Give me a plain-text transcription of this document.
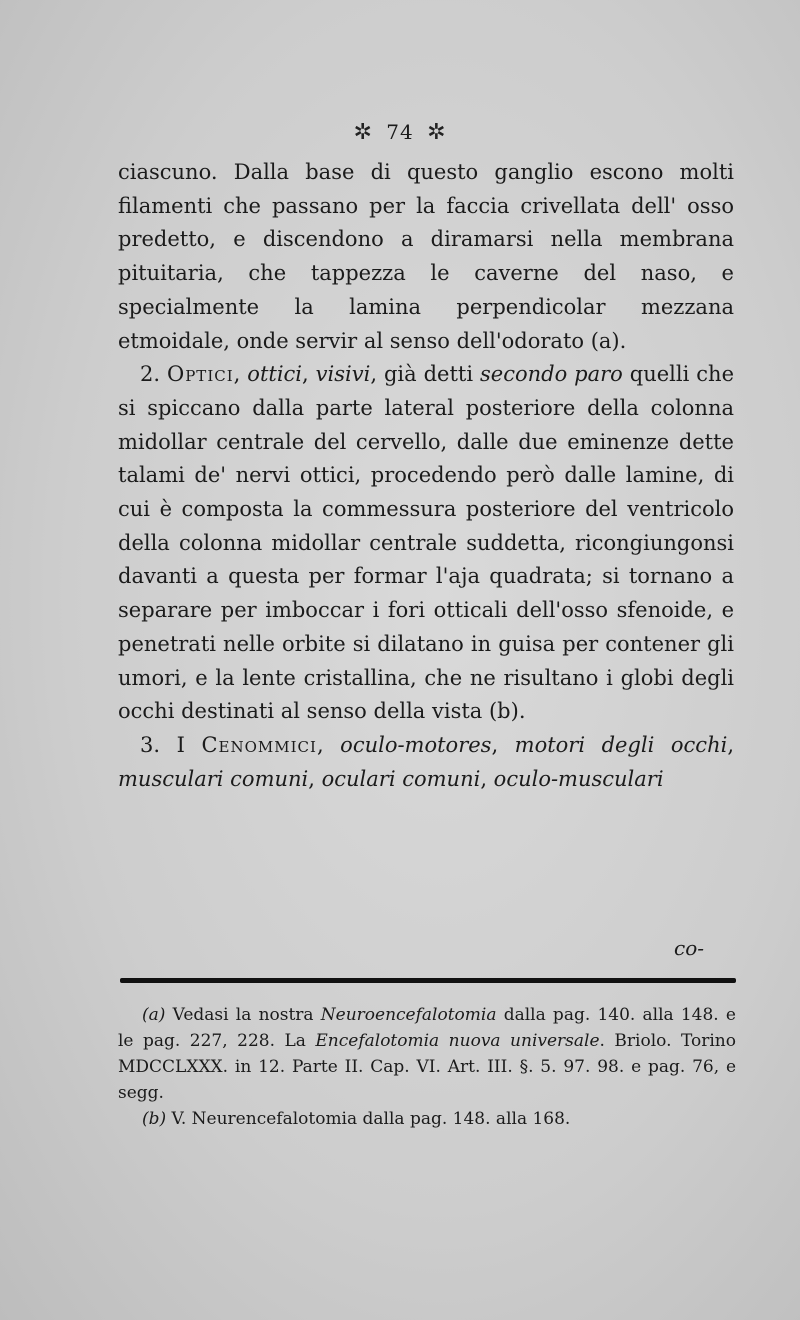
✲ 74 ✲

ciascuno. Dalla base di questo ganglio escono molti filamenti che passano per la faccia crivellata dell' osso predetto, e discendono a diramarsi nella membrana pituitaria, che tappezza le caverne del naso, e specialmente la lamina perpendicolar mezzana etmoidale, onde servir al senso dell'odorato (a).

2. Optici, ottici, visivi, già detti secondo paro quelli che si spiccano dalla parte lateral posteriore della colonna midollar centrale del cervello, dalle due eminenze dette talami de' nervi ottici, procedendo però dalle lamine, di cui è composta la commessura posteriore del ventricolo della colonna midollar centrale suddetta, ricongiungonsi davanti a questa per formar l'aja quadrata; si tornano a separare per imboccar i fori otticali dell'osso sfenoide, e penetrati nelle orbite si dilatano in guisa per contener gli umori, e la lente cristallina, che ne risultano i globi degli occhi destinati al senso della vista (b).

3. I Cenommici, oculo-motores, motori degli occhi, musculari comuni, oculari comuni, oculo-musculari

co-

(a) Vedasi la nostra Neuroencefalotomia dalla pag. 140. alla 148. e le pag. 227, 228. La Encefalotomia nuova universale. Briolo. Torino MDCCLXXX. in 12. Parte II. Cap. VI. Art. III. §. 5. 97. 98. e pag. 76, e segg.

(b) V. Neurencefalotomia dalla pag. 148. alla 168.
